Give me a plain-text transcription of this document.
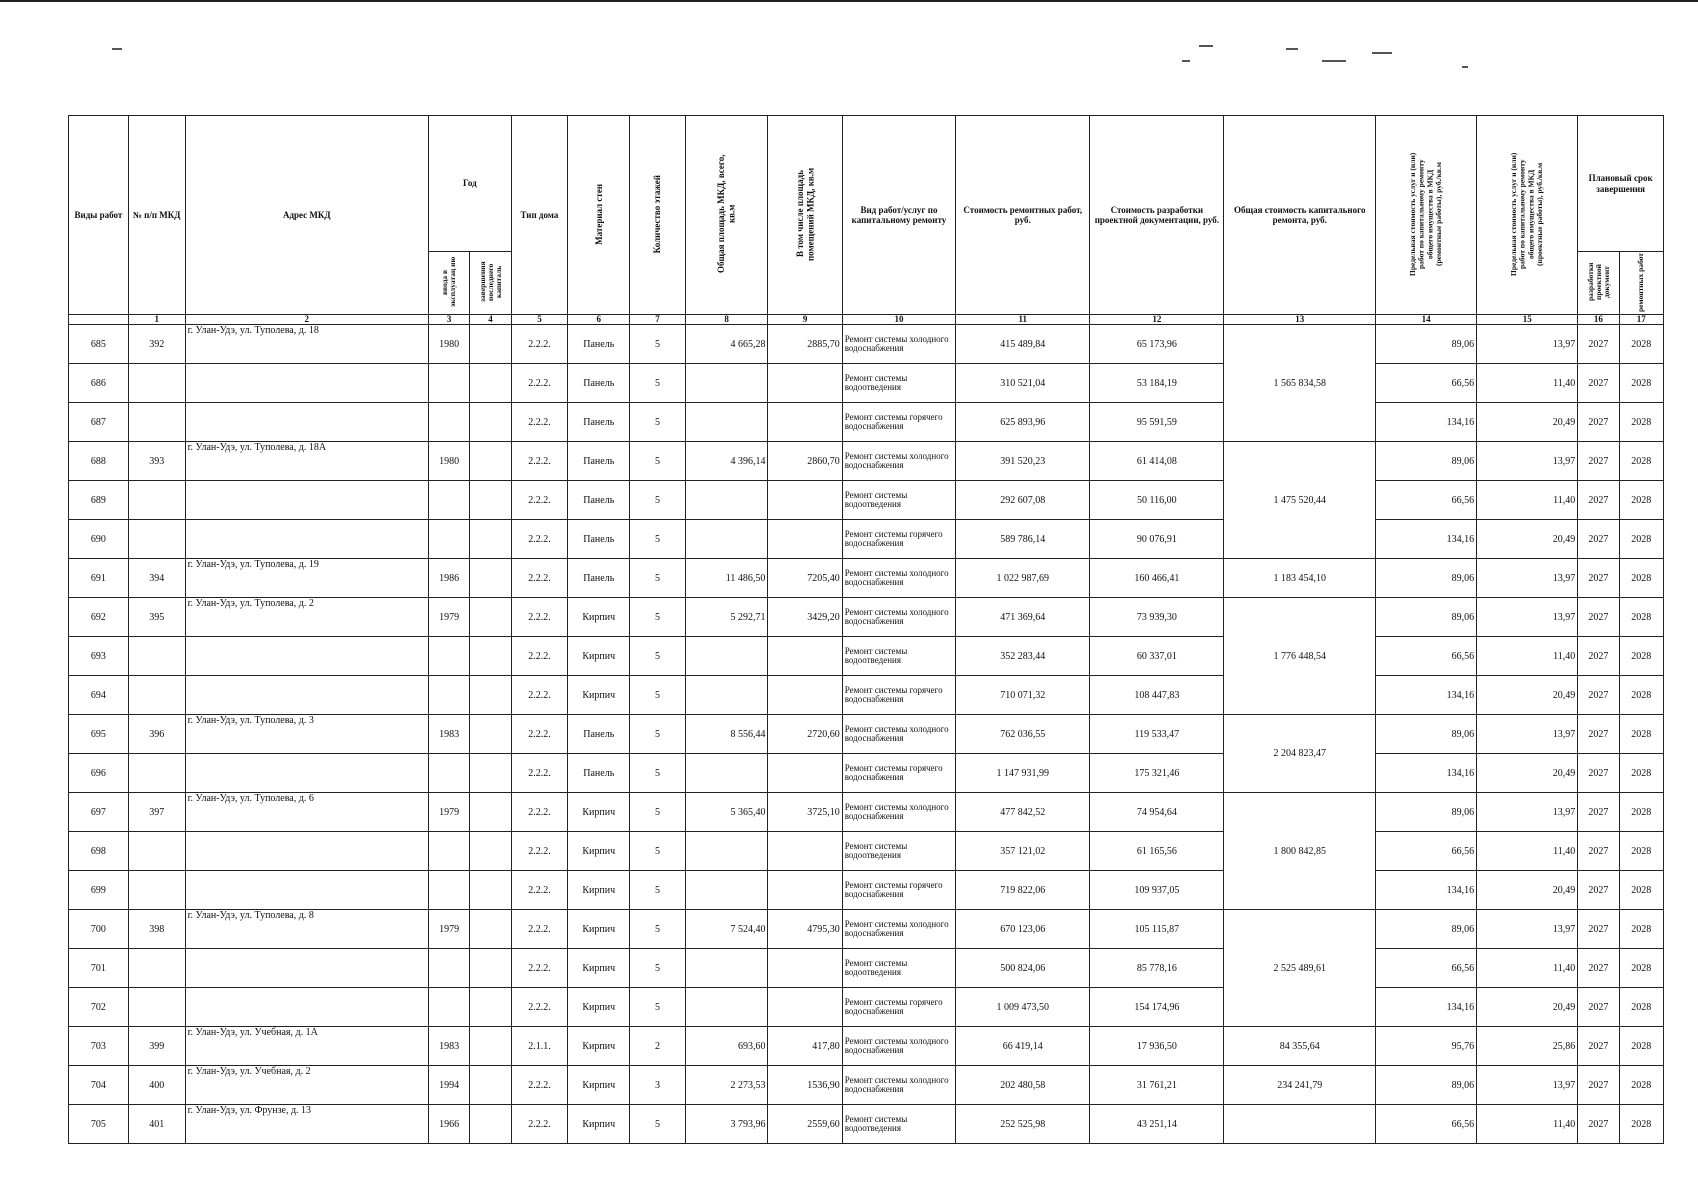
Виды работ	№ п/п МКД	Адрес МКД	Год		Тип дома	Материал стен	Количество этажей	Общая площадь МКД, всего, кв.м	В том числе площадь помещений МКД, кв.м	Вид работ/услуг по капитальному ремонту	Стоимость ремонтных работ, руб.	Стоимость разработки проектной документации, руб.	Общая стоимость капитального ремонта, руб.	Предельная стоимость услуг и (или) работ по капитальному ремонту общего имущества в МКД (ремонтные работы), руб./кв.м	Предельная стоимость услуг и (или) работ по капитальному ремонту общего имущества в МКД (проектные работы), руб./кв.м	Плановый срок завершения	
			ввода в эксплуатац ию	завершения последнего капиталь												разработки проектной документ	ремонтных работ
	1	2	3	4	5	6	7	8	9	10	11	12	13	14	15	16	17
685	392	г. Улан-Удэ, ул. Туполева, д. 18	1980		2.2.2.	Панель	5	4 665,28	2885,70	Ремонт системы холодного водоснабжения	415 489,84	65 173,96	1 565 834,58	89,06	13,97	2027	2028
686					2.2.2.	Панель	5			Ремонт системы водоотведения	310 521,04	53 184,19		66,56	11,40	2027	2028
687					2.2.2.	Панель	5			Ремонт системы горячего водоснабжения	625 893,96	95 591,59		134,16	20,49	2027	2028
688	393	г. Улан-Удэ, ул. Туполева, д. 18А	1980		2.2.2.	Панель	5	4 396,14	2860,70	Ремонт системы холодного водоснабжения	391 520,23	61 414,08	1 475 520,44	89,06	13,97	2027	2028
689					2.2.2.	Панель	5			Ремонт системы водоотведения	292 607,08	50 116,00		66,56	11,40	2027	2028
690					2.2.2.	Панель	5			Ремонт системы горячего водоснабжения	589 786,14	90 076,91		134,16	20,49	2027	2028
691	394	г. Улан-Удэ, ул. Туполева, д. 19	1986		2.2.2.	Панель	5	11 486,50	7205,40	Ремонт системы холодного водоснабжения	1 022 987,69	160 466,41	1 183 454,10	89,06	13,97	2027	2028
692	395	г. Улан-Удэ, ул. Туполева, д. 2	1979		2.2.2.	Кирпич	5	5 292,71	3429,20	Ремонт системы холодного водоснабжения	471 369,64	73 939,30	1 776 448,54	89,06	13,97	2027	2028
693					2.2.2.	Кирпич	5			Ремонт системы водоотведения	352 283,44	60 337,01		66,56	11,40	2027	2028
694					2.2.2.	Кирпич	5			Ремонт системы горячего водоснабжения	710 071,32	108 447,83		134,16	20,49	2027	2028
695	396	г. Улан-Удэ, ул. Туполева, д. 3	1983		2.2.2.	Панель	5	8 556,44	2720,60	Ремонт системы холодного водоснабжения	762 036,55	119 533,47	2 204 823,47	89,06	13,97	2027	2028
696					2.2.2.	Панель	5			Ремонт системы горячего водоснабжения	1 147 931,99	175 321,46		134,16	20,49	2027	2028
697	397	г. Улан-Удэ, ул. Туполева, д. 6	1979		2.2.2.	Кирпич	5	5 365,40	3725,10	Ремонт системы холодного водоснабжения	477 842,52	74 954,64	1 800 842,85	89,06	13,97	2027	2028
698					2.2.2.	Кирпич	5			Ремонт системы водоотведения	357 121,02	61 165,56		66,56	11,40	2027	2028
699					2.2.2.	Кирпич	5			Ремонт системы горячего водоснабжения	719 822,06	109 937,05		134,16	20,49	2027	2028
700	398	г. Улан-Удэ, ул. Туполева, д. 8	1979		2.2.2.	Кирпич	5	7 524,40	4795,30	Ремонт системы холодного водоснабжения	670 123,06	105 115,87	2 525 489,61	89,06	13,97	2027	2028
701					2.2.2.	Кирпич	5			Ремонт системы водоотведения	500 824,06	85 778,16		66,56	11,40	2027	2028
702					2.2.2.	Кирпич	5			Ремонт системы горячего водоснабжения	1 009 473,50	154 174,96		134,16	20,49	2027	2028
703	399	г. Улан-Удэ, ул. Учебная, д. 1А	1983		2.1.1.	Кирпич	2	693,60	417,80	Ремонт системы холодного водоснабжения	66 419,14	17 936,50	84 355,64	95,76	25,86	2027	2028
704	400	г. Улан-Удэ, ул. Учебная, д. 2	1994		2.2.2.	Кирпич	3	2 273,53	1536,90	Ремонт системы холодного водоснабжения	202 480,58	31 761,21	234 241,79	89,06	13,97	2027	2028
705	401	г. Улан-Удэ, ул. Фрунзе, д. 13	1966		2.2.2.	Кирпич	5	3 793,96	2559,60	Ремонт системы водоотведения	252 525,98	43 251,14		66,56	11,40	2027	2028
